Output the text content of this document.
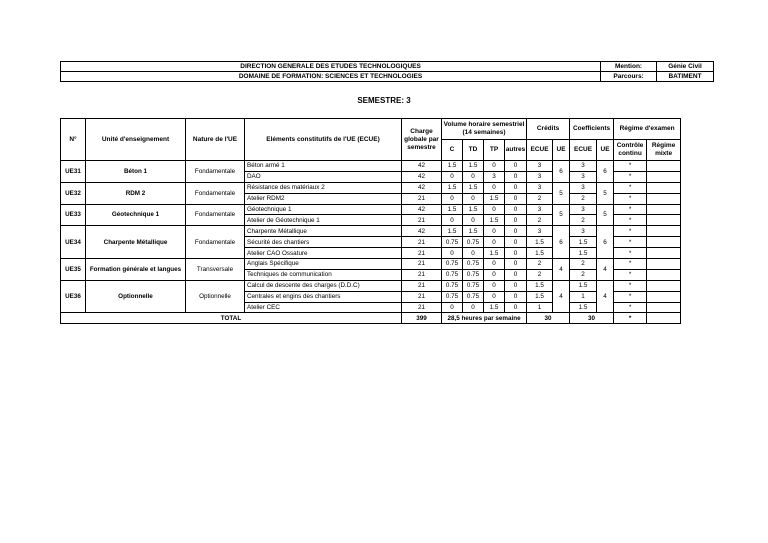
DIRECTION GENERALE DES ETUDES TECHNOLOGIQUES	Mention:	Génie Civil
DOMAINE DE FORMATION: SCIENCES ET TECHNOLOGIES	Parcours:	BATIMENT
SEMESTRE: 3
N°	Unité d'enseignement	Nature de l'UE	Eléments constitutifs de l'UE (ECUE)	Charge globale par semestre	Volume horaire semestriel (14 semaines)				Crédits		Coefficients		Régime d'examen	
					C	TD	TP	autres	ECUE	UE	ECUE	UE	Contrôle continu	Régime mixte
UE31	Béton 1	Fondamentale	Béton armé 1	42	1.5	1.5	0	0	3	6	3	6	*	
			DAO	42	0	0	3	0	3		3		*	
UE32	RDM 2	Fondamentale	Résistance des matériaux 2	42	1.5	1.5	0	0	3	5	3	5	*	
			Atelier RDM2	21	0	0	1.5	0	2		2		*	
UE33	Géotechnique 1	Fondamentale	Géotechnique 1	42	1.5	1.5	0	0	3	5	3	5	*	
			Atelier de Géotechnique 1	21	0	0	1.5	0	2		2		*	
UE34	Charpente Métallique	Fondamentale	Charpente Métallique	42	1.5	1.5	0	0	3	6	3	6	*	
			Sécurité des chantiers	21	0.75	0.75	0	0	1.5		1.5		*	
			Atelier CAO Ossature	21	0	0	1.5	0	1.5		1.5		*	
UE35	Formation générale et langues	Transversale	Anglais Spécifique	21	0.75	0.75	0	0	2	4	2	4	*	
			Techniques de communication	21	0.75	0.75	0	0	2		2		*	
UE36	Optionnelle	Optionnelle	Calcul de descente des charges (D.D.C)	21	0.75	0.75	0	0	1.5	4	1.5	4	*	
			Centrales et engins des chantiers	21	0.75	0.75	0	0	1.5		1		*	
			Atelier CEC	21	0	0	1.5	0	1		1.5		*	
TOTAL				399	28,5 heures par semaine				30		30		*	
